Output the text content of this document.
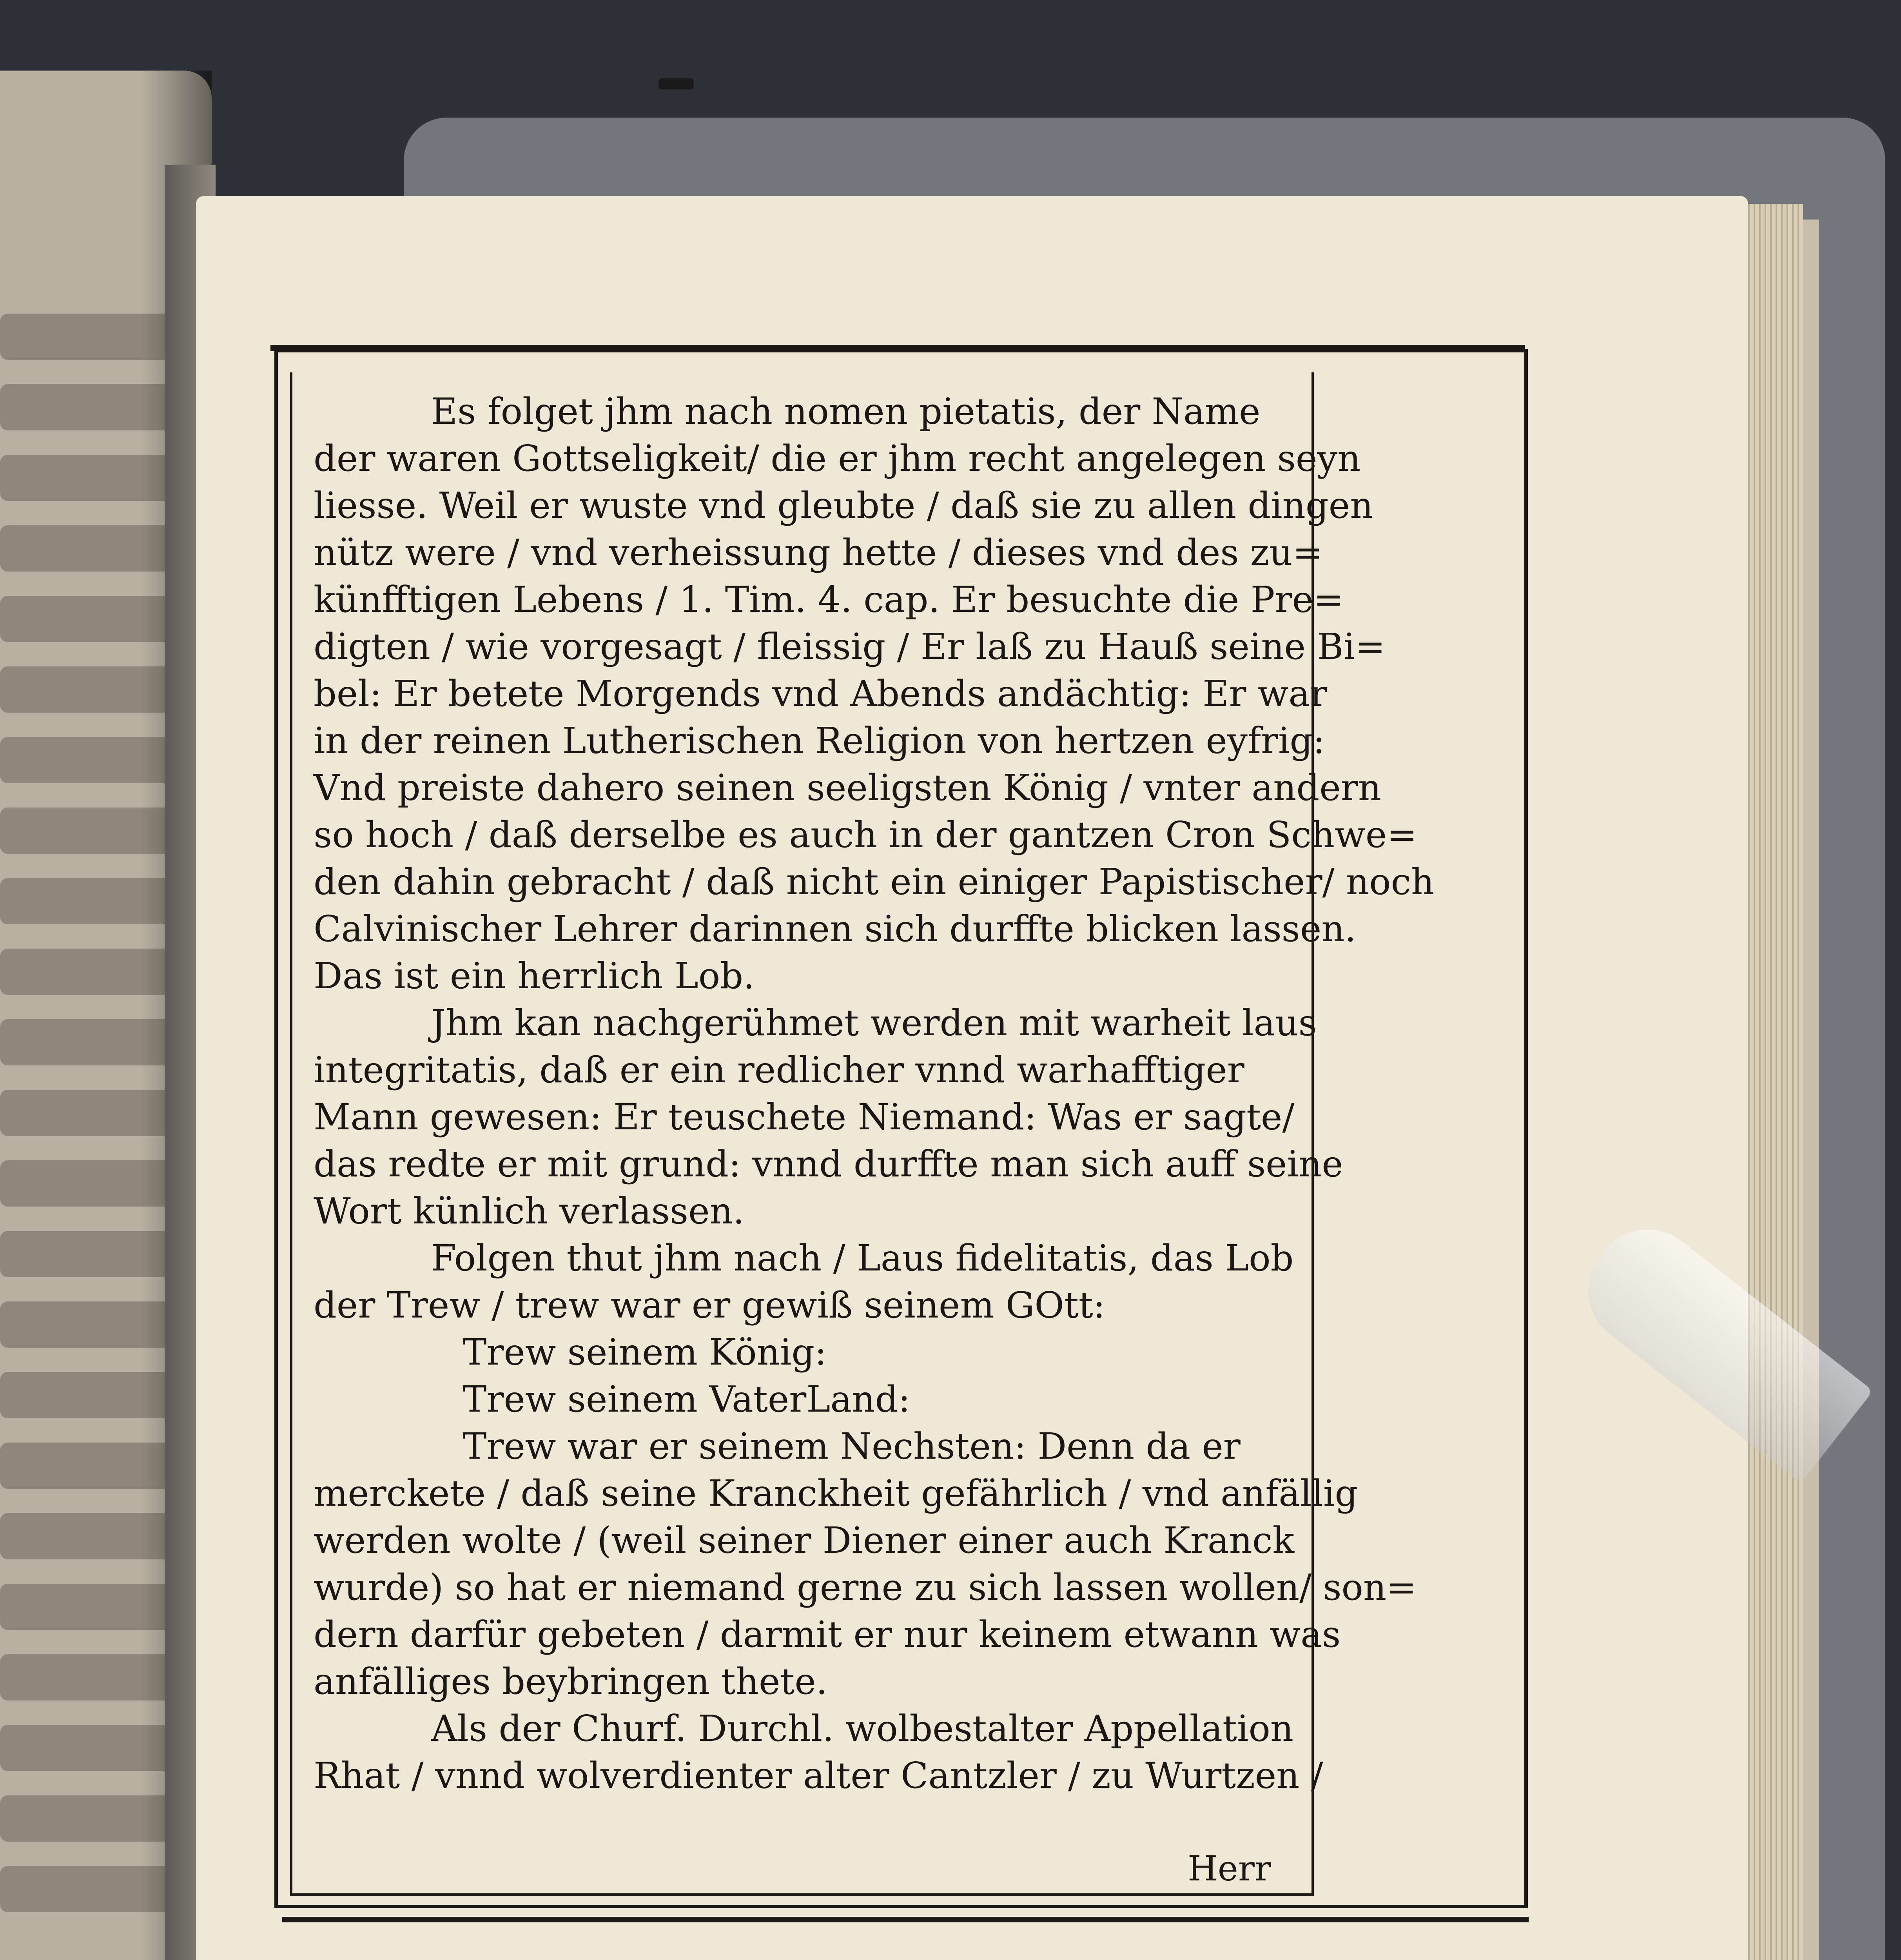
Es folget jhm nach nomen pietatis, der Name
der waren Gottseligkeit/ die er jhm recht angelegen seyn
liesse. Weil er wuste vnd gleubte / daß sie zu allen dingen
nütz were / vnd verheissung hette / dieses vnd des zu=
künfftigen Lebens / 1. Tim. 4. cap. Er besuchte die Pre=
digten / wie vorgesagt / fleissig / Er laß zu Hauß seine Bi=
bel: Er betete Morgends vnd Abends andächtig: Er war
in der reinen Lutherischen Religion von hertzen eyfrig:
Vnd preiste dahero seinen seeligsten König / vnter andern
so hoch / daß derselbe es auch in der gantzen Cron Schwe=
den dahin gebracht / daß nicht ein einiger Papistischer/ noch
Calvinischer Lehrer darinnen sich durffte blicken lassen.
Das ist ein herrlich Lob.
Jhm kan nachgerühmet werden mit warheit laus
integritatis, daß er ein redlicher vnnd warhafftiger
Mann gewesen: Er teuschete Niemand: Was er sagte/
das redte er mit grund: vnnd durffte man sich auff seine
Wort künlich verlassen.
Folgen thut jhm nach / Laus fidelitatis, das Lob
der Trew / trew war er gewiß seinem GOtt:
Trew seinem König:
Trew seinem VaterLand:
Trew war er seinem Nechsten: Denn da er
merckete / daß seine Kranckheit gefährlich / vnd anfällig
werden wolte / (weil seiner Diener einer auch Kranck
wurde) so hat er niemand gerne zu sich lassen wollen/ son=
dern darfür gebeten / darmit er nur keinem etwann was
anfälliges beybringen thete.
Als der Churf. Durchl. wolbestalter Appellation
Rhat / vnnd wolverdienter alter Cantzler / zu Wurtzen /
Herr
